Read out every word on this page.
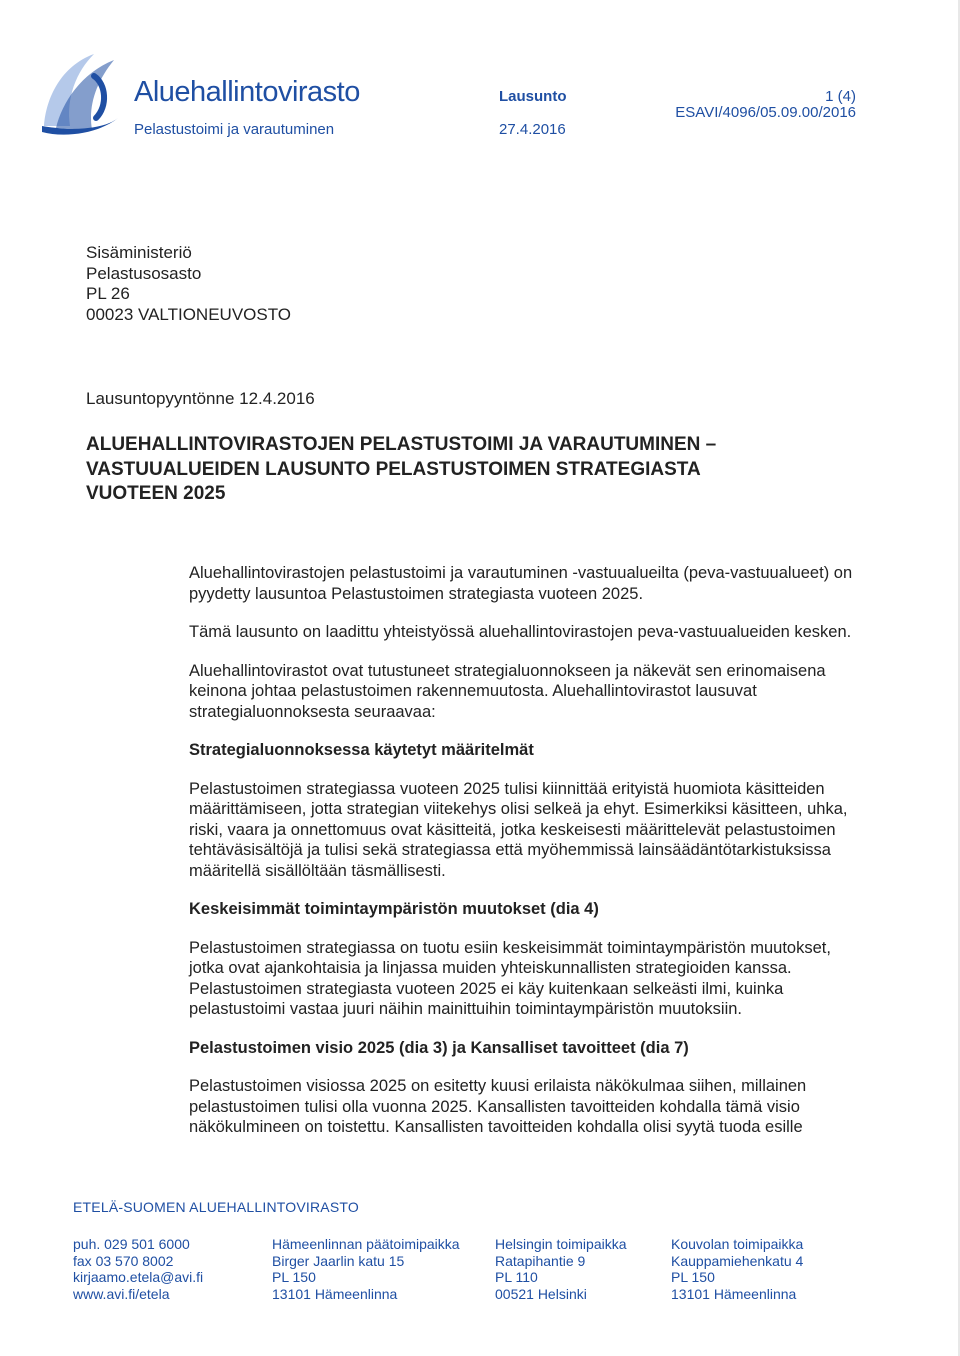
Aluehallintovirasto
Pelastustoimi ja varautuminen
Lausunto
27.4.2016
1 (4)
ESAVI/4096/05.09.00/2016
Sisäministeriö
Pelastusosasto
PL 26
00023 VALTIONEUVOSTO
Lausuntopyyntönne 12.4.2016
ALUEHALLINTOVIRASTOJEN PELASTUSTOIMI JA VARAUTUMINEN –
VASTUUALUEIDEN LAUSUNTO PELASTUSTOIMEN STRATEGIASTA
VUOTEEN 2025

Aluehallintovirastojen pelastustoimi ja varautuminen -vastuualueilta (peva-vastuualueet) on pyydetty lausuntoa Pelastustoimen strategiasta vuoteen 2025.

Tämä lausunto on laadittu yhteistyössä aluehallintovirastojen peva-vastuualueiden kesken.

Aluehallintovirastot ovat tutustuneet strategialuonnokseen ja näkevät sen erinomaisena keinona johtaa pelastustoimen rakennemuutosta. Aluehallintovirastot lausuvat strategialuonnoksesta seuraavaa:

Strategialuonnoksessa käytetyt määritelmät

Pelastustoimen strategiassa vuoteen 2025 tulisi kiinnittää erityistä huomiota käsitteiden määrittämiseen, jotta strategian viitekehys olisi selkeä ja ehyt. Esimerkiksi käsitteen, uhka, riski, vaara ja onnettomuus ovat käsitteitä, jotka keskeisesti määrittelevät pelastustoimen tehtäväsisältöjä ja tulisi sekä strategiassa että myöhemmissä lainsäädäntötarkistuksissa määritellä sisällöltään täsmällisesti.

Keskeisimmät toimintaympäristön muutokset (dia 4)

Pelastustoimen strategiassa on tuotu esiin keskeisimmät toimintaympäristön muutokset, jotka ovat ajankohtaisia ja linjassa muiden yhteiskunnallisten strategioiden kanssa. Pelastustoimen strategiasta vuoteen 2025 ei käy kuitenkaan selkeästi ilmi, kuinka pelastustoimi vastaa juuri näihin mainittuihin toimintaympäristön muutoksiin.

Pelastustoimen visio 2025 (dia 3) ja Kansalliset tavoitteet (dia 7)

Pelastustoimen visiossa 2025 on esitetty kuusi erilaista näkökulmaa siihen, millainen pelastustoimen tulisi olla vuonna 2025. Kansallisten tavoitteiden kohdalla tämä visio näkökulmineen on toistettu. Kansallisten tavoitteiden kohdalla olisi syytä tuoda esille

ETELÄ-SUOMEN ALUEHALLINTOVIRASTO
puh. 029 501 6000
fax 03 570 8002
kirjaamo.etela@avi.fi
www.avi.fi/etela
Hämeenlinnan päätoimipaikka
Birger Jaarlin katu 15
PL 150
13101 Hämeenlinna
Helsingin toimipaikka
Ratapihantie 9
PL 110
00521 Helsinki
Kouvolan toimipaikka
Kauppamiehenkatu 4
PL 150
13101 Hämeenlinna
